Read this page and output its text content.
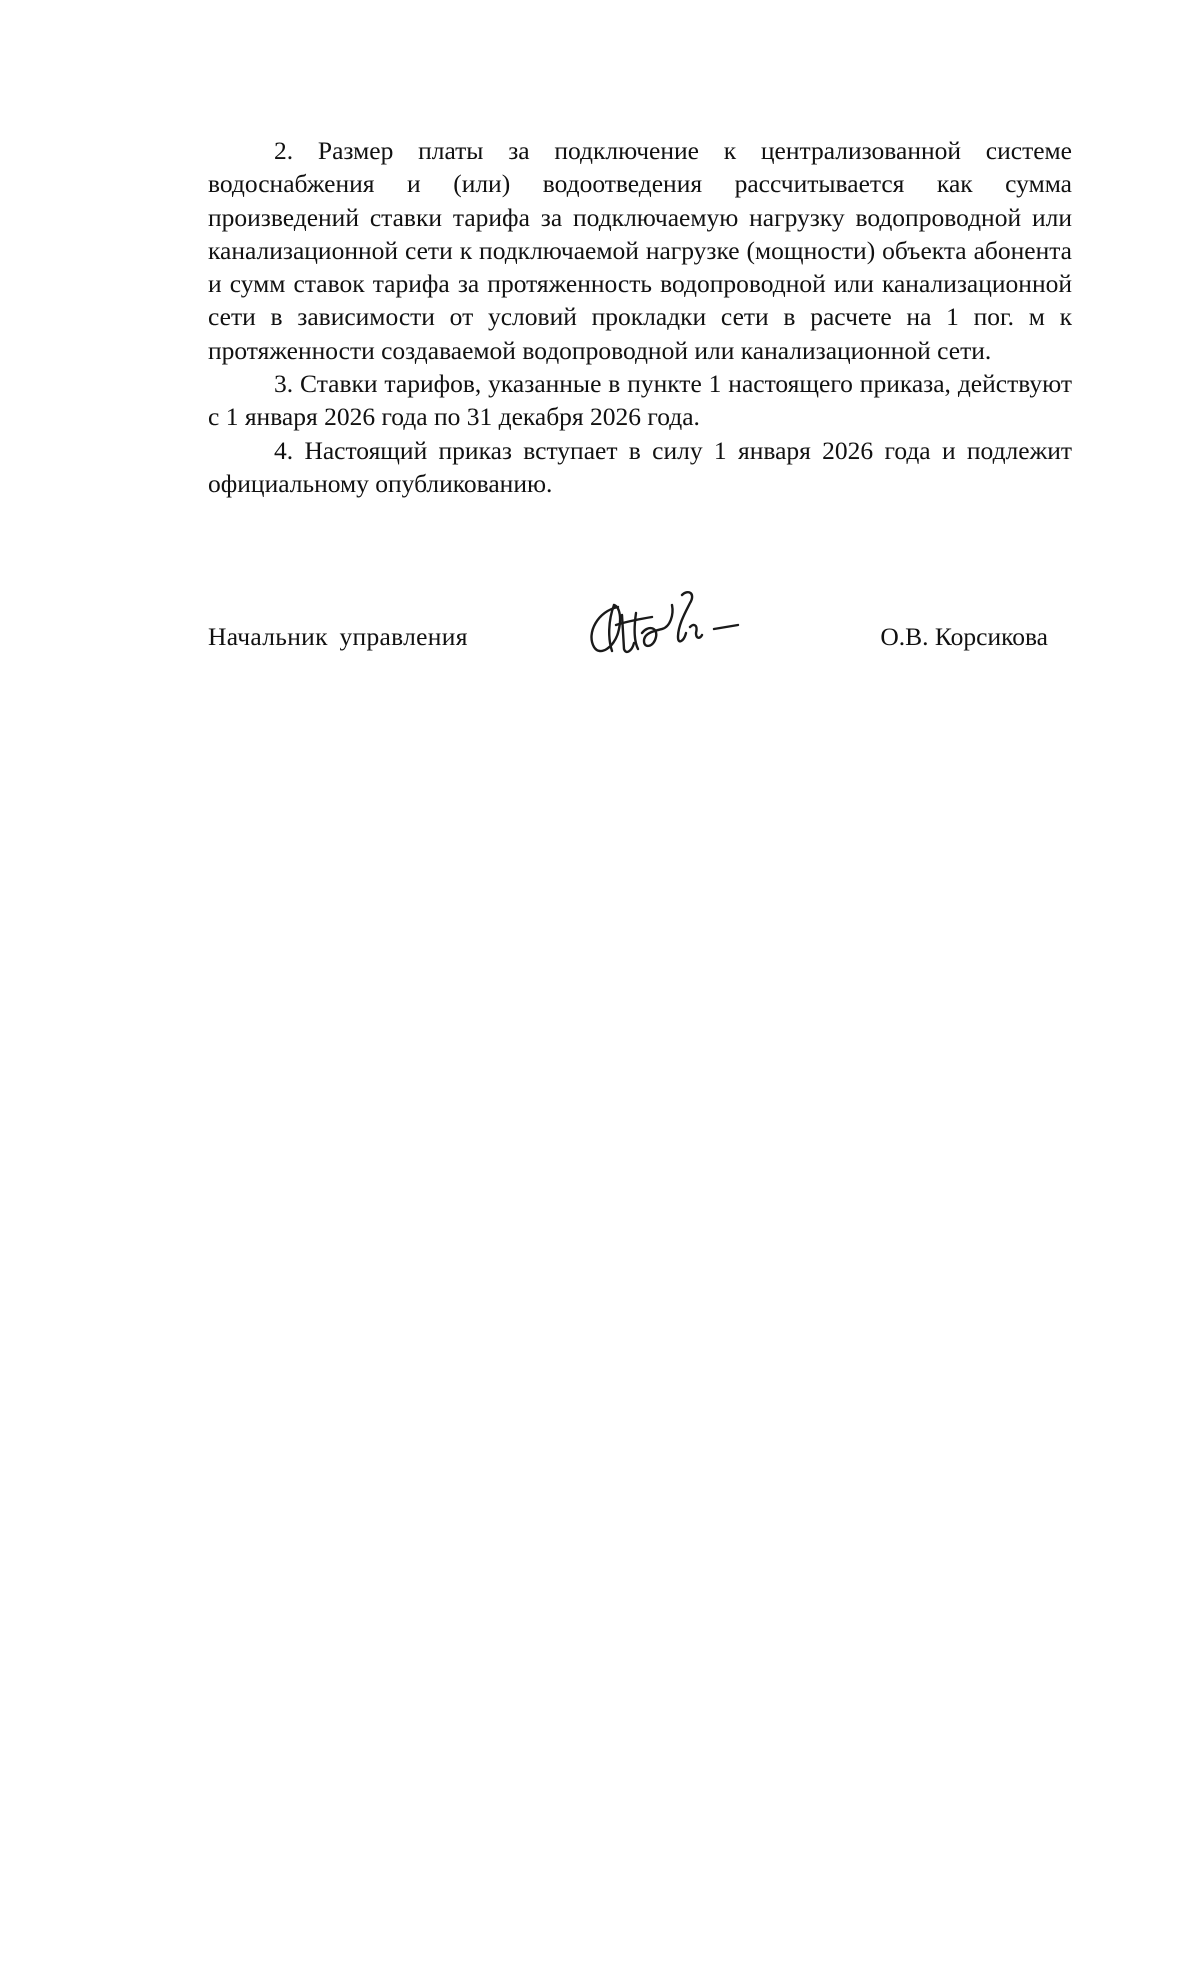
2. Размер платы за подключение к централизованной системе водоснабжения и (или) водоотведения рассчитывается как сумма произведений ставки тарифа за подключаемую нагрузку водопроводной или канализационной сети к подключаемой нагрузке (мощности) объекта абонента и сумм ставок тарифа за протяженность водопроводной или канализационной сети в зависимости от условий прокладки сети в расчете на 1 пог. м к протяженности создаваемой водопроводной или канализационной сети.

3. Ставки тарифов, указанные в пункте 1 настоящего приказа, действуют с 1 января 2026 года по 31 декабря 2026 года.

4. Настоящий приказ вступает в силу 1 января 2026 года и подлежит официальному опубликованию.

Начальник управления	О.В. Корсикова
